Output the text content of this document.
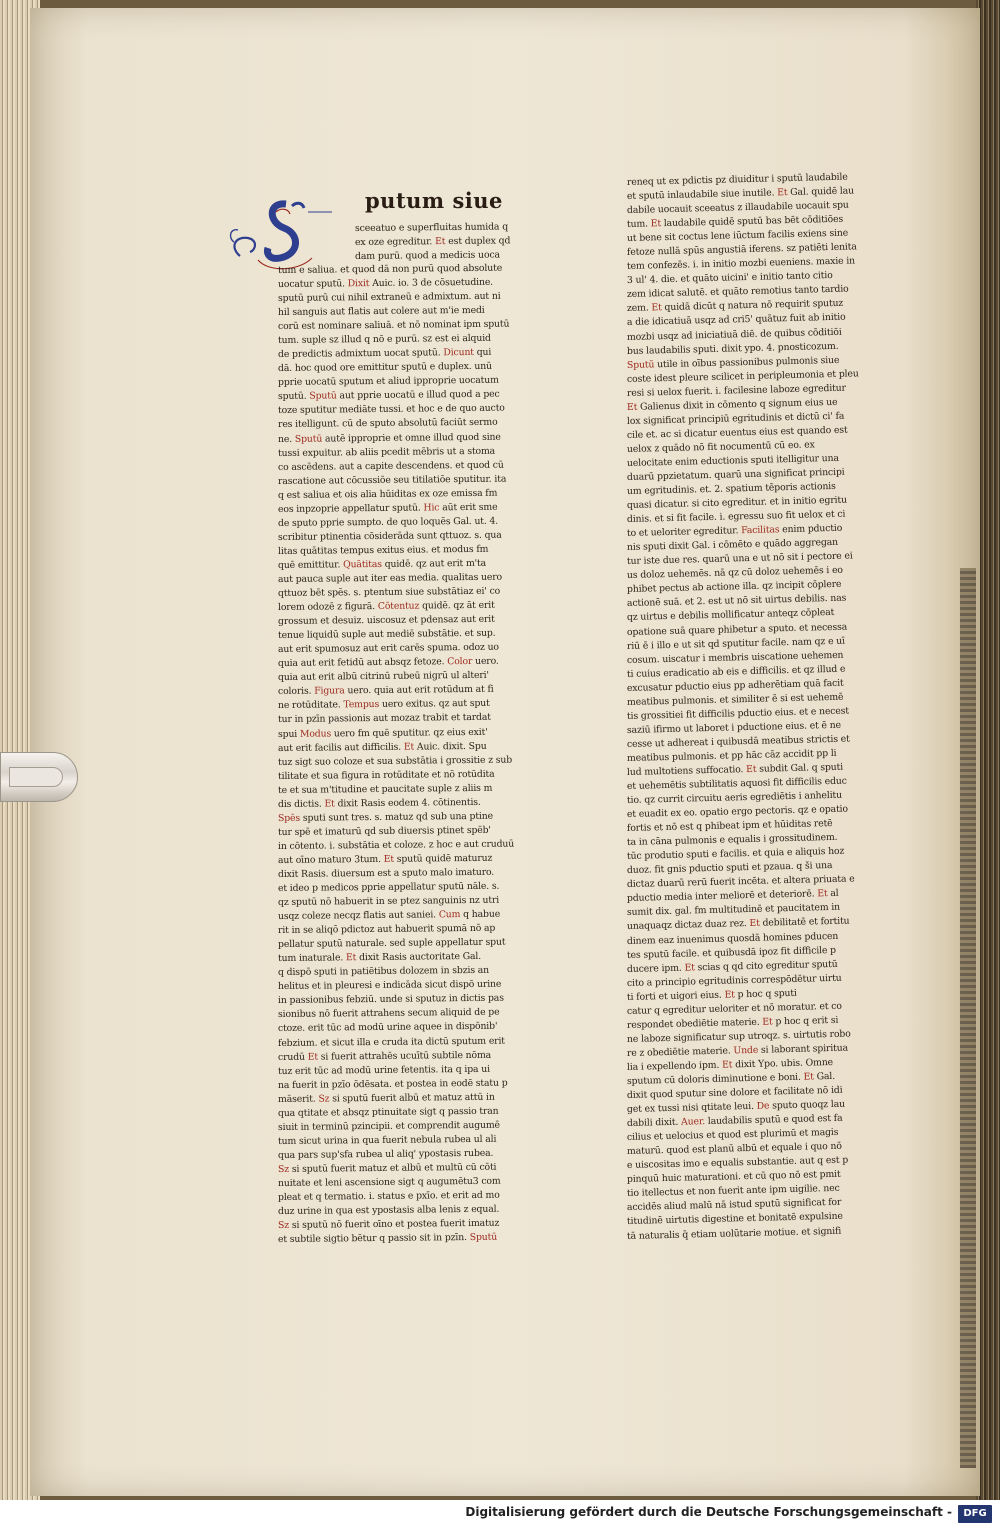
putum siue
sceeatuo e superfluitas humida q
ex oze egreditur. Et est duplex qd
dam purū. quod a medicis uoca
tum e saliua. et quod dā non purū quod absolute
uocatur sputū. Dixit Auic. io. 3 de cōsuetudine.
sputū purū cui nihil extraneū e admixtum. aut ni
hil sanguis aut flatis aut colere aut m'ie medi
corū est nominare saliuā. et nō nominat ipm sputū
tum. suple sz illud q nō e purū. sz est ei alquid
de predictis admixtum uocat sputū. Dicunt qui
dā. hoc quod ore emittitur sputū e duplex. unū
pprie uocatū sputum et aliud ipproprie uocatum
sputū. Sputū aut pprie uocatū e illud quod a pec
toze sputitur mediāte tussi. et hoc e de quo aucto
res itelligunt. cū de sputo absolutū faciūt sermo
ne. Sputū autē ipproprie et omne illud quod sine
tussi expuitur. ab aliis pcedit mēbris ut a stoma
co ascēdens. aut a capite descendens. et quod cū
rascatione aut cōcussiōe seu titilatiōe sputitur. ita
q est saliua et ois alia hūiditas ex oze emissa fm
eos inpzoprie appellatur sputū. Hic aūt erit sme
de sputo pprie sumpto. de quo loquēs Gal. ut. 4.
scribitur ptinentia cōsiderāda sunt qttuoz. s. qua
litas quātitas tempus exitus eius. et modus fm
quē emittitur. Quātitas quidē. qz aut erit m'ta
aut pauca suple aut iter eas media. qualitas uero
qttuoz bēt spēs. s. ptentum siue substātiaz ei' co
lorem odozē z figurā. Cōtentuz quidē. qz āt erit
grossum et desuiz. uiscosuz et pdensaz aut erit
tenue liquidū suple aut mediē substātie. et sup.
aut erit spumosuz aut erit carēs spuma. odoz uo
quia aut erit fetidū aut absqz fetoze. Color uero.
quia aut erit albū citrinū rubeū nigrū ul alteri'
coloris. Figura uero. quia aut erit rotūdum at fi
ne rotūditate. Tempus uero exitus. qz aut sput
tur in pzīn passionis aut mozaz trabit et tardat
spui Modus uero fm quē sputitur. qz eius exit'
aut erit facilis aut difficilis. Et Auic. dixit. Spu
tuz sigt suo coloze et sua substātia i grossitie z sub
tilitate et sua figura in rotūditate et nō rotūdita
te et sua m'titudine et paucitate suple z aliis m
dis dictis. Et dixit Rasis eodem 4. cōtinentis.
Spēs sputi sunt tres. s. matuz qd sub una ptine
tur spē et imaturū qd sub diuersis ptinet spēb'
in cōtento. i. substātia et coloze. z hoc e aut cruduū
aut oīno maturo 3tum. Et sputū quidē maturuz
dixit Rasis. diuersum est a sputo malo imaturo.
et ideo p medicos pprie appellatur sputū nāle. s.
qz sputū nō habuerit in se ptez sanguinis nz utri
usqz coleze necqz flatis aut saniei. Cum q habue
rit in se aliqō pdictoz aut habuerit spumā nō ap
pellatur sputū naturale. sed suple appellatur sput
tum inaturale. Et dixit Rasis auctoritate Gal.
q dispō sputi in patiētibus dolozem in sbzis an
helitus et in pleuresi e indicāda sicut dispō urine
in passionibus febziū. unde si sputuz in dictis pas
sionibus nō fuerit attrahens secum aliquid de pe
ctoze. erit tūc ad modū urine aquee in dispōnib'
febzium. et sicut illa e cruda ita dictū sputum erit
crudū Et si fuerit attrahēs ucuītū subtile nōma
tuz erit tūc ad modū urine fetentis. ita q ipa ui
na fuerit in pzīo ōdēsata. et postea in eodē statu p
māserit. Sz si sputū fuerit albū et matuz attū in
qua qtitate et absqz ptinuitate sigt q passio tran
siuit in terminū pzincipii. et comprendit augumē
tum sicut urina in qua fuerit nebula rubea ul ali
qua pars sup'sfa rubea ul aliq' ypostasis rubea.
Sz si sputū fuerit matuz et albū et multū cū cōti
nuitate et leni ascensione sigt q augumētu3 com
pleat et q termatio. i. status e pxīo. et erit ad mo
duz urine in qua est ypostasis alba lenis z equal.
Sz si sputū nō fuerit oīno et postea fuerit imatuz
et subtile sigtio bētur q passio sit in pzīn. Sputū
reneq ut ex pdictis pz diuiditur i sputū laudabile
et sputū inlaudabile siue inutile. Et Gal. quidē lau
dabile uocauit sceeatus z illaudabile uocauit spu
tum. Et laudabile quidē sputū bas bēt cōditiōes
ut bene sit coctus lene iūctum facilis exiens sine
fetoze nullā spūs angustiā iferens. sz patiēti lenita
tem confezēs. i. in initio mozbi eueniens. maxie in
3 ul' 4. die. et quāto uicini' e initio tanto citio
zem idicat salutē. et quāto remotius tanto tardio
zem. Et quidā dicūt q natura nō requirit sputuz
a die idicatiuā usqz ad cri5' quātuz fuit ab initio
mozbi usqz ad iniciatiuā diē. de quibus cōditiōi
bus laudabilis sputi. dixit ypo. 4. pnosticozum.
Sputū utile in oībus passionibus pulmonis siue
coste idest pleure scilicet in peripleumonia et pleu
resi si uelox fuerit. i. facilesine laboze egreditur
Et Galienus dixit in cōmento q signum eius ue
lox significat principiū egritudinis et dictū ci' fa
cile et. ac si dicatur euentus eius est quando est
uelox z quādo nō fit nocumentū cū eo. ex
uelocitate enim eductionis sputi itelligitur una
duarū ppzietatum. quarū una significat principi
um egritudinis. et. 2. spatium tēporis actionis
quasi dicatur. si cito egreditur. et in initio egritu
dinis. et si fit facile. i. egressu suo fit uelox et ci
to et ueloriter egreditur. Facilitas enim pductio
nis sputi dixit Gal. i cōmēto e quādo aggregan
tur iste due res. quarū una e ut nō sit i pectore ei
us doloz uehemēs. nā qz cū doloz uehemēs i eo
phibet pectus ab actione illa. qz incipit cōplere
actionē suā. et 2. est ut nō sit uirtus debilis. nas
qz uirtus e debilis mollificatur anteqz cōpleat
opatione suā quare phibetur a sputo. et necessa
riū ē i illo e ut sit qd sputitur facile. nam qz e uī
cosum. uiscatur i membris uiscatione uehemen
ti cuius eradicatio ab eis e difficilis. et qz illud e
excusatur pductio eius pp adherētiam quā facit
meatibus pulmonis. et similiter ē si est uehemē
tis grossitiei fit difficilis pductio eius. et e necest
saziū ifirmo ut laboret i pductione eius. et ē ne
cesse ut adhereat i quibusdā meatibus strictis et
meatibus pulmonis. et pp hāc cāz accidit pp li
lud multotiens suffocatio. Et subdit Gal. q sputi
et uehemētis subtilitatis aquosi fit difficilis educ
tio. qz currit circuitu aeris egrediētis i anhelitu
et euadit ex eo. opatio ergo pectoris. qz e opatio
fortis et nō est q phibeat ipm et hūiditas retē
ta in cāna pulmonis e equalis i grossitudinem.
tūc produtio sputi e facilis. et quia e aliquis hoz
duoz. fit gnis pductio sputi et pzaua. q ši una
dictaz duarū rerū fuerit incēta. et altera priuata e
pductio media inter meliorē et deteriorē. Et al
sumit dix. gal. fm multitudinē et paucitatem in
unaquaqz dictaz duaz rez. Et debilitatē et fortitu
dinem eaz inuenimus quosdā homines pducen
tes sputū facile. et quibusdā ipoz fit difficile p
ducere ipm. Et scias q qd cito egreditur sputū
cito a principio egritudinis correspōdētur uirtu
ti forti et uigori eius. Et p hoc q sputi
catur q egreditur ueloriter et nō moratur. et co
respondet obediētie materie. Et p hoc q erit si
ne laboze significatur sup utroqz. s. uirtutis robo
re z obediētie materie. Unde si laborant spiritua
lia i expellendo ipm. Et dixit Ypo. ubis. Omne
sputum cū doloris diminutione e boni. Et Gal.
dixit quod sputur sine dolore et facilitate nō idi
get ex tussi nisi qtitate leui. De sputo quoqz lau
dabili dixit. Auer. laudabilis sputū e quod est fa
cilius et uelocius et quod est plurimū et magis
maturū. quod est planū albū et equale i quo nō
e uiscositas imo e equalis substantie. aut q est p
pinquū huic maturationi. et cū quo nō est pmit
tio itellectus et non fuerit ante ipm uigilie. nec
accidēs aliud malū nā istud sputū significat for
titudinē uirtutis digestine et bonitatē expulsine
tā naturalis q̄ etiam uolūtarie motiue. et signifi
Digitalisierung gefördert durch die Deutsche Forschungsgemeinschaft -	DFG
